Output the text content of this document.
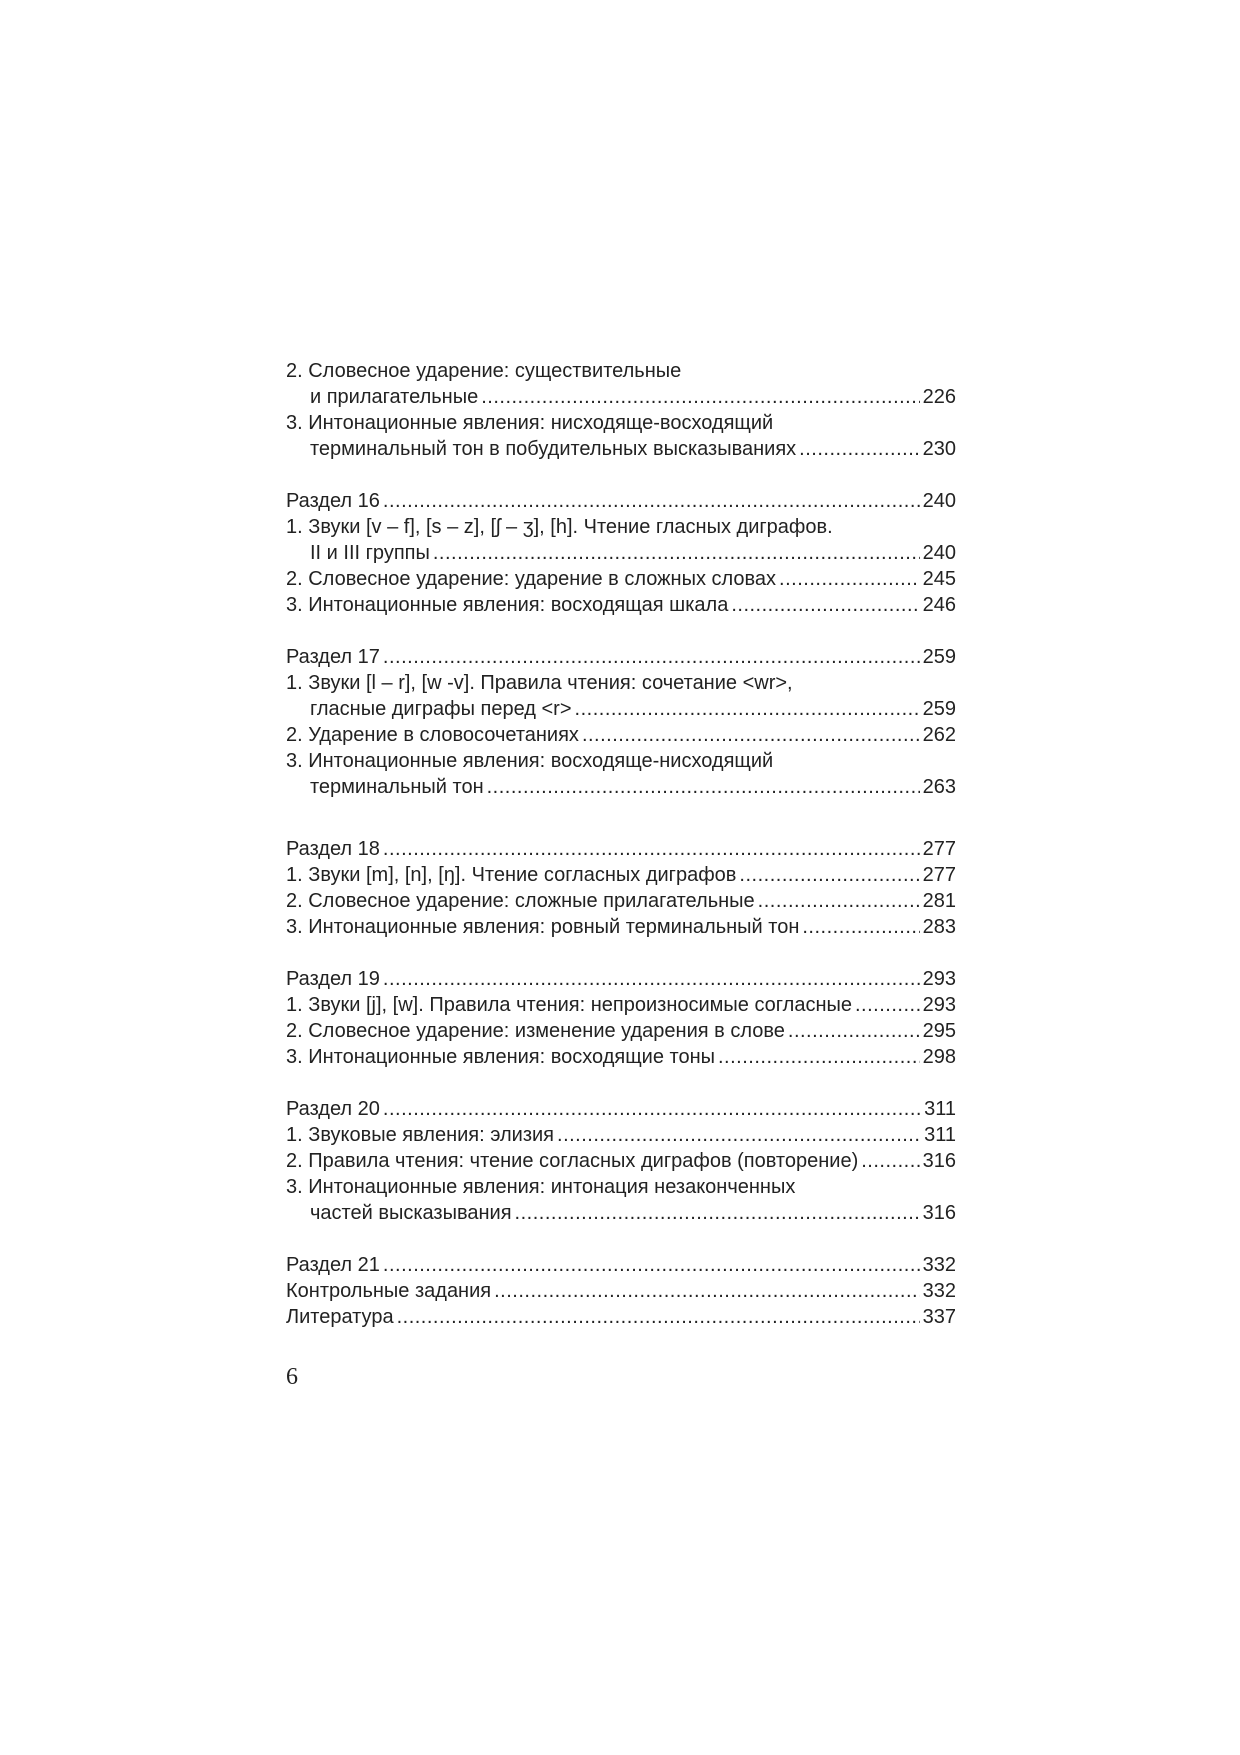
2. Словесное ударение: существительные
и прилагательные .....	226
3. Интонационные явления: нисходяще-восходящий
терминальный тон в побудительных высказываниях .....	230
Раздел 16 .....	240
1. Звуки [v – f], [s – z], [ʃ – ʒ], [h]. Чтение гласных диграфов.
II и III группы .....	240
2. Словесное ударение: ударение в сложных словах .....	245
3. Интонационные явления: восходящая шкала .....	246
Раздел 17 .....	259
1. Звуки [l – r], [w -v]. Правила чтения: сочетание <wr>,
гласные диграфы перед <r> .....	259
2. Ударение в словосочетаниях .....	262
3. Интонационные явления: восходяще-нисходящий
терминальный тон .....	263
Раздел 18 .....	277
1. Звуки [m], [n], [ŋ]. Чтение согласных диграфов .....	277
2. Словесное ударение: сложные прилагательные .....	281
3. Интонационные явления: ровный терминальный тон .....	283
Раздел 19 .....	293
1. Звуки [j], [w]. Правила чтения: непроизносимые согласные .....	293
2. Словесное ударение: изменение ударения в слове .....	295
3. Интонационные явления: восходящие тоны .....	298
Раздел 20 .....	311
1. Звуковые явления: элизия .....	311
2. Правила чтения: чтение согласных диграфов (повторение) .....	316
3. Интонационные явления: интонация незаконченных
частей высказывания .....	316
Раздел 21 .....	332
Контрольные задания .....	332
Литература .....	337
6
